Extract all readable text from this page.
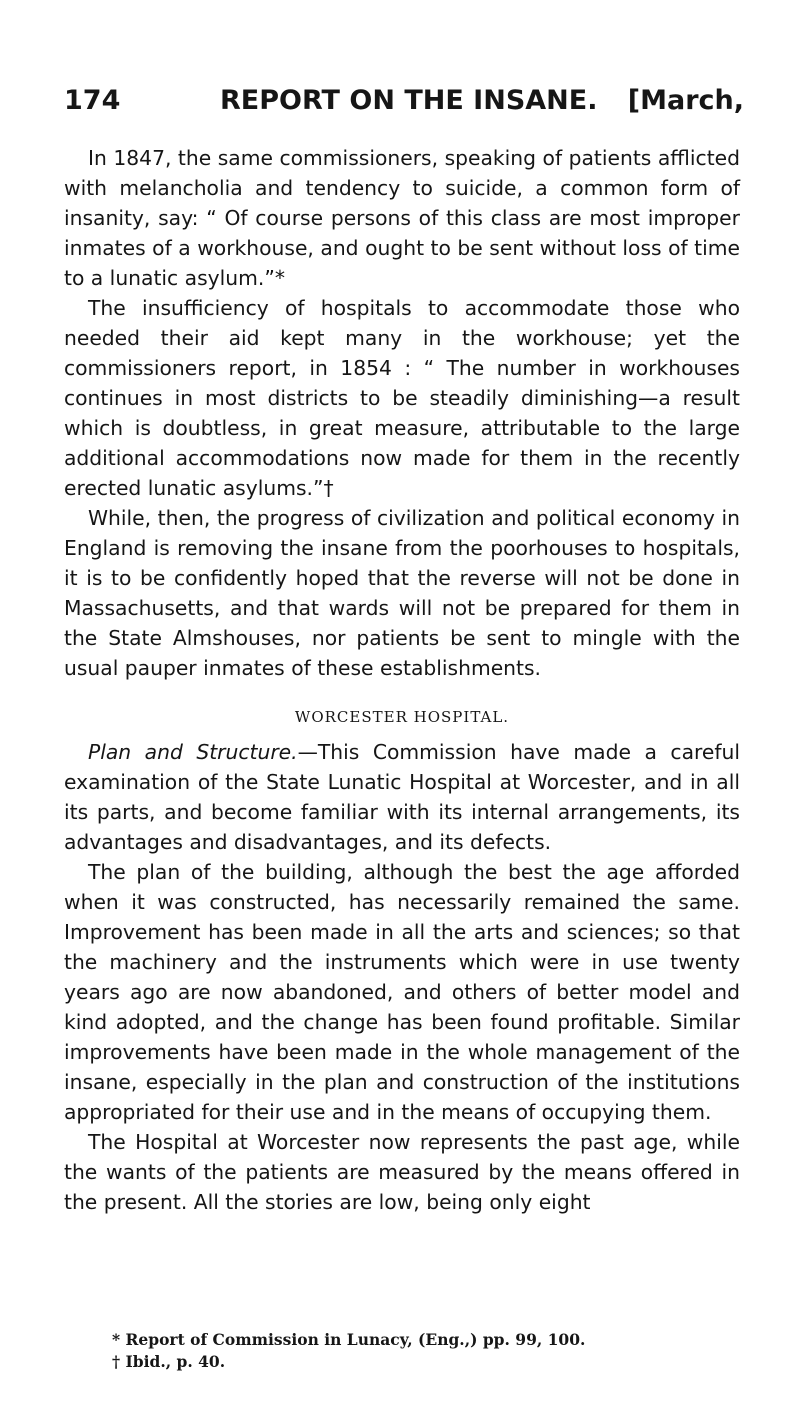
174	REPORT ON THE INSANE. [March,

In 1847, the same commissioners, speaking of patients afflicted with melancholia and tendency to suicide, a common form of insanity, say: “ Of course persons of this class are most improper inmates of a workhouse, and ought to be sent without loss of time to a lunatic asylum.”*

The insufficiency of hospitals to accommodate those who needed their aid kept many in the workhouse; yet the commissioners report, in 1854 : “ The number in workhouses continues in most districts to be steadily diminishing—a result which is doubtless, in great measure, attributable to the large additional accommodations now made for them in the recently erected lunatic asylums.”†

While, then, the progress of civilization and political economy in England is removing the insane from the poorhouses to hospitals, it is to be confidently hoped that the reverse will not be done in Massachusetts, and that wards will not be prepared for them in the State Almshouses, nor patients be sent to mingle with the usual pauper inmates of these establishments.

WORCESTER HOSPITAL.

Plan and Structure.—This Commission have made a careful examination of the State Lunatic Hospital at Worcester, and in all its parts, and become familiar with its internal arrangements, its advantages and disadvantages, and its defects.

The plan of the building, although the best the age afforded when it was constructed, has necessarily remained the same. Improvement has been made in all the arts and sciences; so that the machinery and the instruments which were in use twenty years ago are now abandoned, and others of better model and kind adopted, and the change has been found profitable. Similar improvements have been made in the whole management of the insane, especially in the plan and construction of the institutions appropriated for their use and in the means of occupying them.

The Hospital at Worcester now represents the past age, while the wants of the patients are measured by the means offered in the present. All the stories are low, being only eight

* Report of Commission in Lunacy, (Eng.,) pp. 99, 100.
† Ibid., p. 40.
